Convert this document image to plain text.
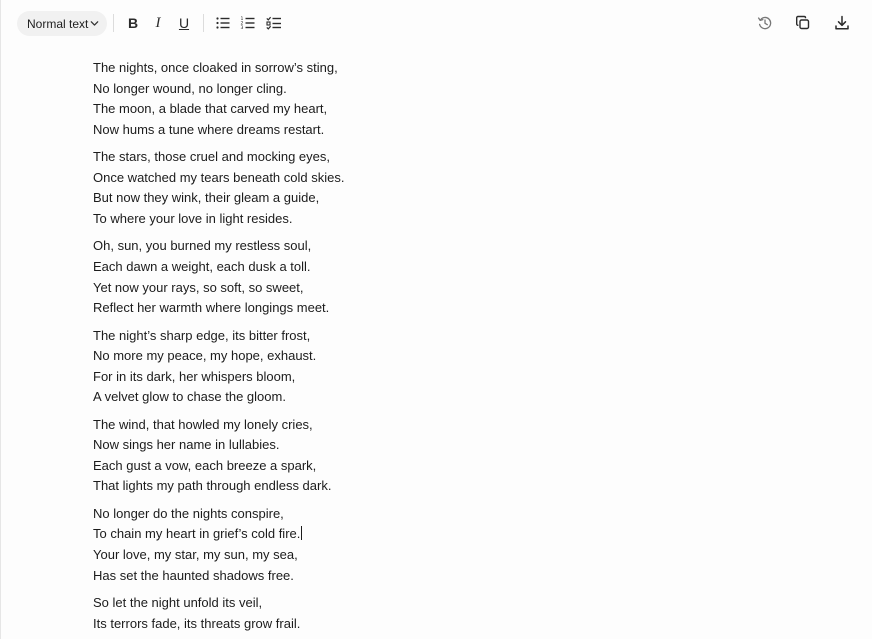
Normal text	B	I	U	1
2
3
The nights, once cloaked in sorrow’s sting,
No longer wound, no longer cling.
The moon, a blade that carved my heart,
Now hums a tune where dreams restart.
The stars, those cruel and mocking eyes,
Once watched my tears beneath cold skies.
But now they wink, their gleam a guide,
To where your love in light resides.
Oh, sun, you burned my restless soul,
Each dawn a weight, each dusk a toll.
Yet now your rays, so soft, so sweet,
Reflect her warmth where longings meet.
The night’s sharp edge, its bitter frost,
No more my peace, my hope, exhaust.
For in its dark, her whispers bloom,
A velvet glow to chase the gloom.
The wind, that howled my lonely cries,
Now sings her name in lullabies.
Each gust a vow, each breeze a spark,
That lights my path through endless dark.
No longer do the nights conspire,
To chain my heart in grief’s cold fire.
Your love, my star, my sun, my sea,
Has set the haunted shadows free.
So let the night unfold its veil,
Its terrors fade, its threats grow frail.
